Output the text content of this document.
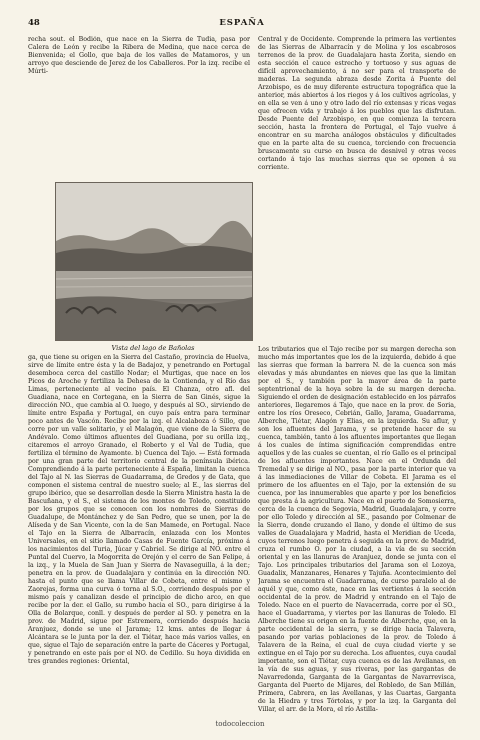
48	ESPAÑA

recha sout. el Bodión, que nace en la Sierra de Tudia, pasa por Calera de León y recibe la Ribera de Medina, que nace cerca de Bienvenida; el Gollo, que baja de los valles de Matamoros, y un arroyo que desciende de Jerez de los Caballeros. Por la izq. recibe el Múrti-

Central y de Occidente. Comprende la primera las vertientes de las Sierras de Albarracín y de Molina y los escabrosos terrenos de la prov. de Guadalajara hasta Zorita, siendo en esta sección el cauce estrecho y tortuoso y sus aguas de difícil aprovechamiento, á no ser para el transporte de maderas. La segunda abraza desde Zorita á Puente del Arzobispo, es de muy diferente estructura topográfica que la anterior, más abiertos á los riegos y á los cultivos agrícolas, y en ella se ven á uno y otro lado del río extensas y ricas vegas que ofrecen vida y trabajo á los pueblos que las disfrutan. Desde Puente del Arzobispo, en que comienza la tercera sección, hasta la frontera de Portugal, el Tajo vuelve á encontrar en su marcha análogos obstáculos y dificultades que en la parte alta de su cuenca, torciendo con frecuencia bruscamente su curso en busca de desnivel y otras veces cortando á tajo las muchas sierras que se oponen á su corriente.

Vista del lago de Bañolas

ga, que tiene su origen en la Sierra del Castaño, provincia de Huelva, sirve de límite entre ésta y la de Badajoz, y penetrando en Portugal desemboca cerca del castillo Nodar; el Murtigas, que nace en los Picos de Aroche y fertiliza la Dehesa de la Contienda, y el Río das Limas, perteneciente al vecino país. El Chanza, otro afl. del Guadiana, nace en Cortegana, en la Sierra de San Ginés, sigue la dirección NO., que cambia al O. luego, y después al SO., sirviendo de límite entre España y Portugal, en cuyo país entra para terminar poco antes de Vascón. Recibe por la izq. el Alcalaboza ó Sillo, que corre por un valle solitario, y el Malagón, que viene de la Sierra de Andévalo. Como últimos afluentes del Guadiana, por su orilla izq., citaremos el arroyo Granado, el Roberto y el Val de Tudia, que fertiliza el término de Ayamonte. b) Cuenca del Tajo. — Está formada por una gran parte del territorio central de la península ibérica. Comprendiendo á la parte perteneciente á España, limitan la cuenca del Tajo al N. las Sierras de Guadarrama, de Gredos y de Gata, que componen el sistema central de nuestro suelo; al E., las sierras del grupo ibérico, que se desarrollan desde la Sierra Ministra hasta la de Bascuñana, y el S., el sistema de los montes de Toledo, constituido por los grupos que se conocen con los nombres de Sierras de Guadalupe, de Montánchez y de San Pedro, que se unen, por la de Alíseda y de San Vicente, con la de San Mamede, en Portugal. Nace el Tajo en la Sierra de Albarracín, enlazada con los Montes Universales, en el sitio llamado Casas de Fuente García, próximo á los nacimientos del Turia, Júcar y Cabriel. Se dirige al NO. entre el Puntal del Cuervo, la Mogorrita de Orejón y el cerro de San Felipe, á la izq., y la Muela de San Juan y Sierra de Navaseguilla, á la der.; penetra en la prov. de Guadalajara y continúa en la dirección NO. hasta el punto que se llama Villar de Cobeta, entre el mismo y Zaorejas, forma una curva ó torna al S.O., corriendo después por el mismo país y canalizan desde el principio de dicho arco, en que recibe por la der. el Gallo, su rumbo hacia el SO., para dirigirse á la Olla de Bolarque, conll. y después de perder al SO. y penetra en la prov. de Madrid, sigue por Estremera, corriendo después hacia Aranjuez, donde se une el Jarama; 12 kms. antes de llegar á Alcántara se le junta por la der. el Tiétar, hace más varios valles, en que, sigue el Tajo de separación entre la parte de Cáceres y Portugal, y penetrando en este país por el NO. de Cedillo. Su hoya dividida en tres grandes regiones: Oriental,

Los tributarios que el Tajo recibe por su margen derecha son mucho más importantes que los de la izquierda, debido á que las sierras que forman la barrera N. de la cuenca son más elevadas y más abundantes en nieves que las que la limitan por el S., y también por la mayor área de la parte septentrional de la hoya sobre la de su margen derecha. Siguiendo el orden de designación establecido en los párrafos anteriores, llegaremos á Tajo, que nace en la prov. de Soria, entre los ríos Oreseco, Cebrián, Gallo, Jarama, Guadarrama, Alberche, Tiétar, Alagón y Elias, en la izquierda. Su aflur, y son los afluentes del Jarama, y se pretende hacer de su cuenca, también, tanto á los afluentes importantes que llegan á los cuales de íntima significación comprendidas entre aquellos y de las cuales se cuentan, el río Gallo es el principal de los afluentes importantes. Nace en el Ordunda del Tremedal y se dirige al NO., pasa por la parte interior que va á las inmediaciones de Villar de Cobeta. El Jarama es el primero de los afluentes en el Tajo, por la extensión de su cuenca, por las innumerables que aparte y por los beneficios que presta á la agricultura. Nace en el puerto de Somosierra, cerca de la cuenca de Segovia, Madrid, Guadalajara, y corre por ello Toledo y dirección al SE., pasando por Colmenar de la Sierra, donde cruzando el llano, y donde el último de sus valles de Guadalajara y Madrid, hasta el Meridian de Uceda, cuyos terrenos luego penetra á seguida en la prov. de Madrid, cruza el rumbo O. por la ciudad, a la vía de su sección oriental y en las llanuras de Aranjuez, donde se junta con el Tajo. Los principales tributarios del Jarama son el Lozoya, Guadalix, Manzanares, Henares y Tajuña. Acontecimiento del Jarama se encuentra el Guadarrama, de curso paralelo al de aquél y que, como éste, nace en las vertientes á la sección occidental de la prov. de Madrid y entrando en el Tajo de Toledo. Nace en el puerto de Navacerrada, corre por el SO., hace el Guadarrama, y viertes por las llanuras de Toledo. El Alberche tiene su origen en la fuente de Alberche, que, en la parte occidental de la sierra, y se dirige hacia Talavera, pasando por varias poblaciones de la prov. de Toledo á Talavera de la Reina, el cual de cuya ciudad vierte y se extingue en el Tajo por su derecha. Los afluentes, cuya caudal importante, son el Tiétar, cuya cuenca es de las Avellanas, en la vía de sus aguas, y sus riveras, por las gargantas de Navarredonda, Garganta de la Gargantas de Navarrevisca, Garganta del Puerto de Mijares, del Robledo, de San Millán, Primera, Cabrera, en las Avellanas, y las Cuartas, Garganta de la Hiedra y tres Tórtolas, y por la izq. la Garganta del Villar, el arr. de la Mora, el río Astilla-

todocoleccion
